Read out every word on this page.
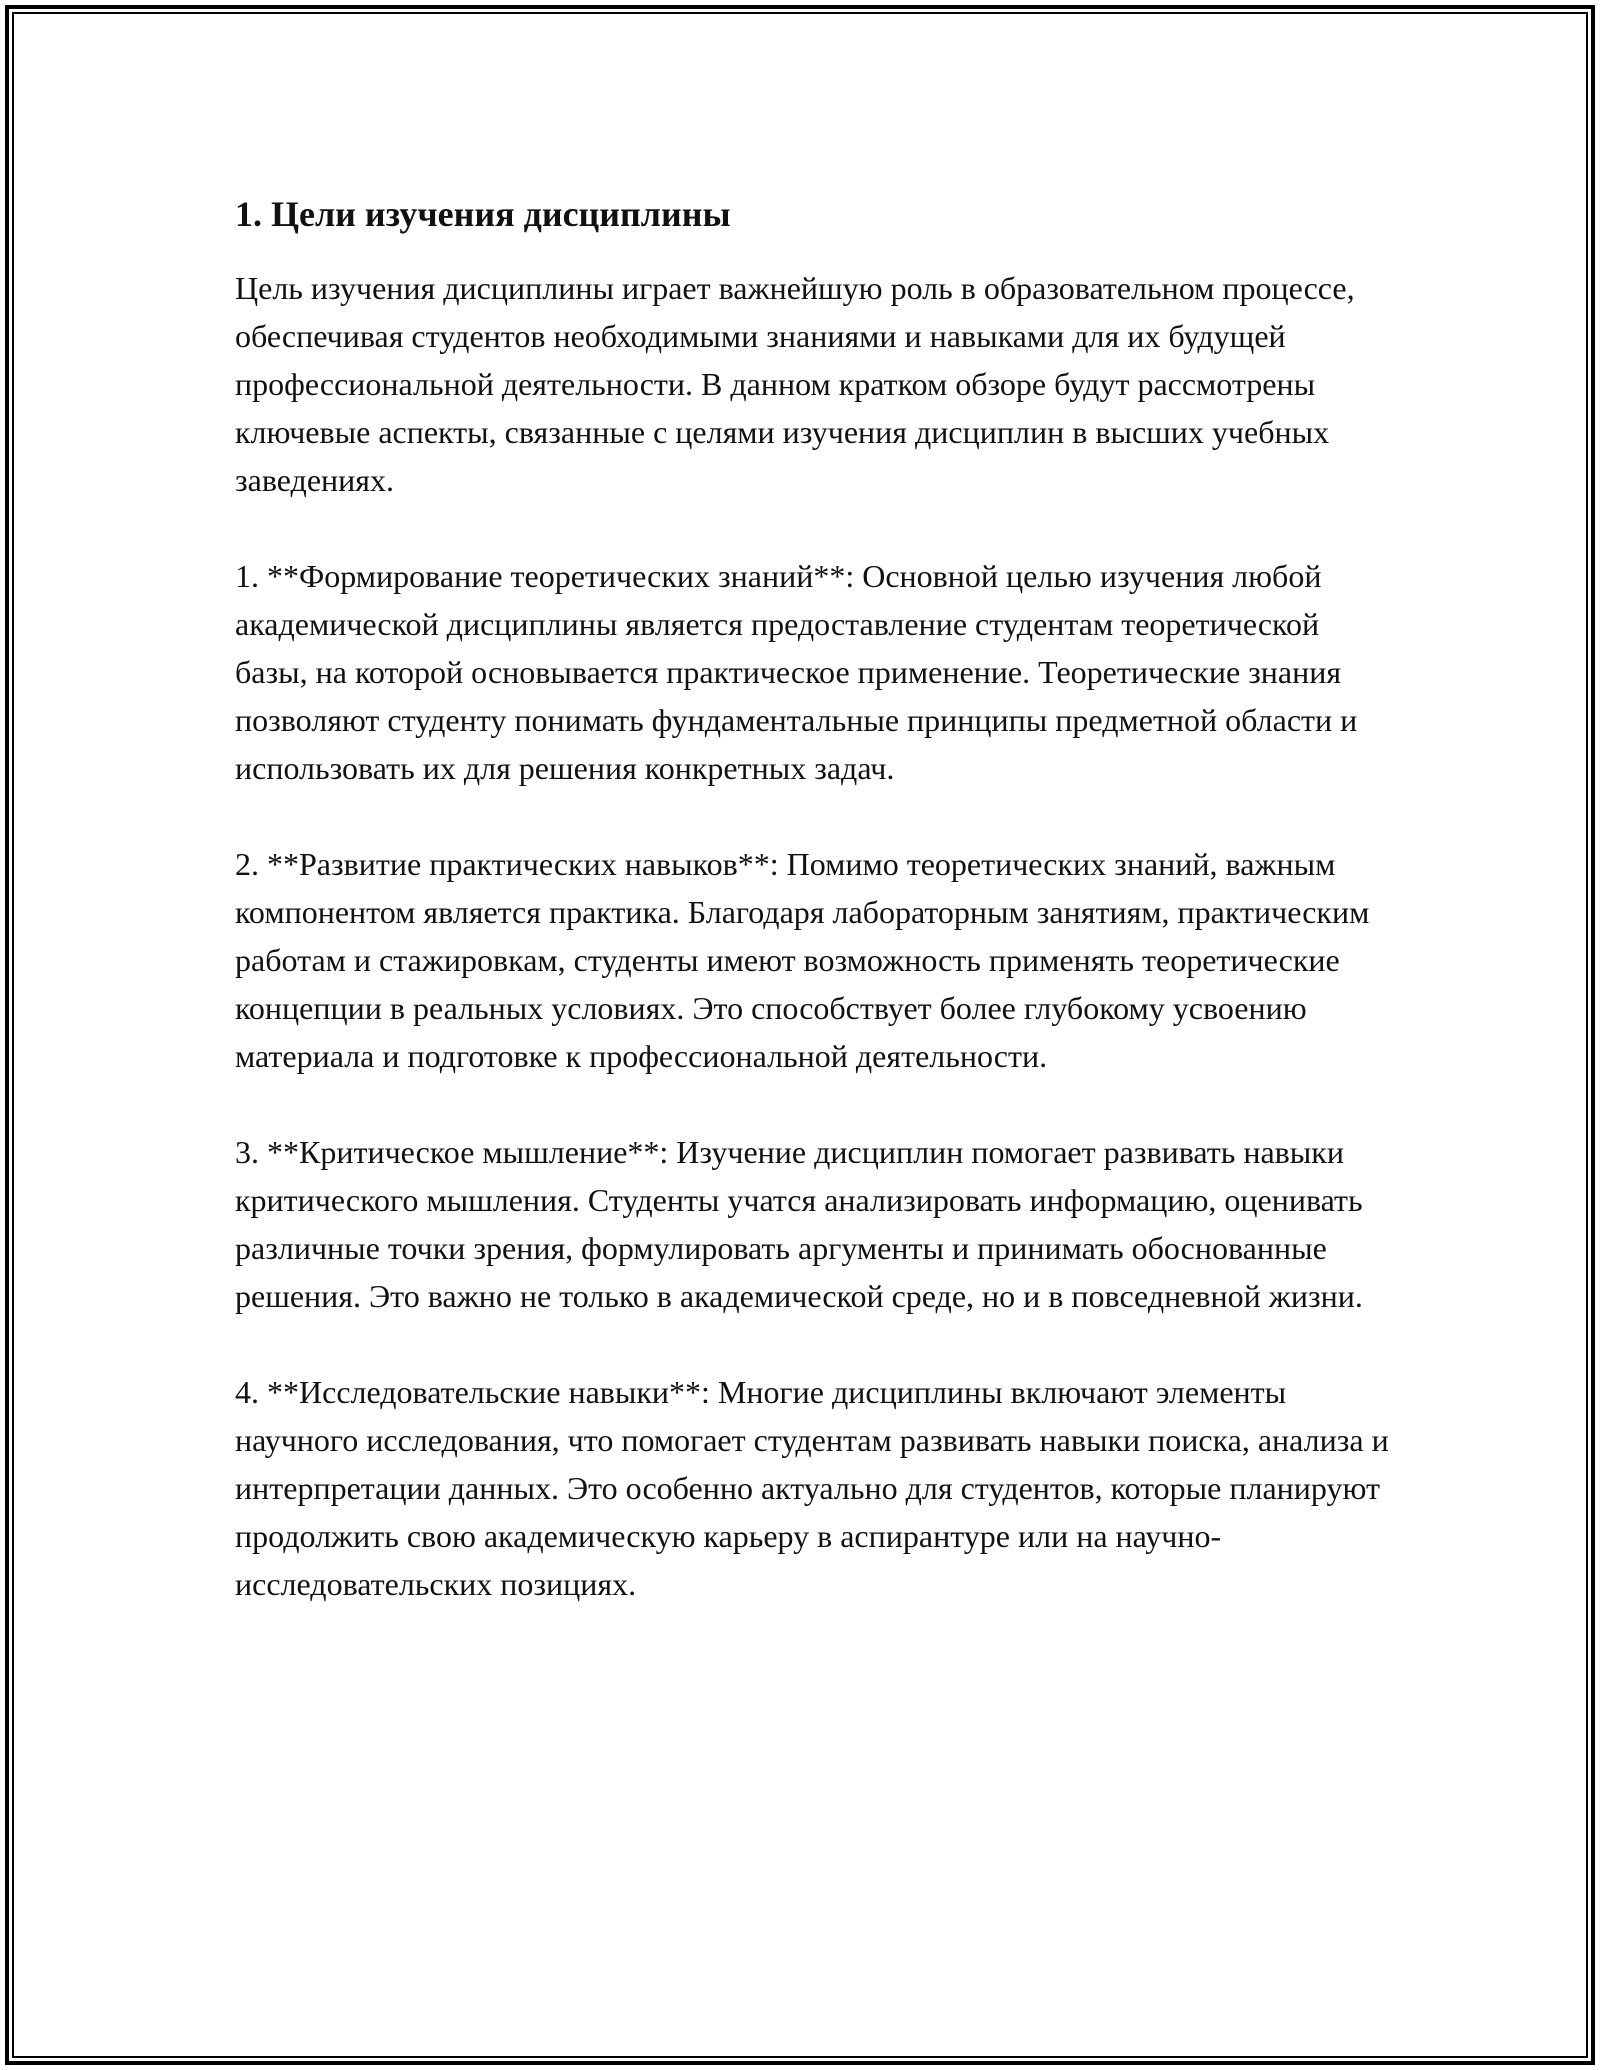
1. Цели изучения дисциплины

Цель изучения дисциплины играет важнейшую роль в образовательном процессе, обеспечивая студентов необходимыми знаниями и навыками для их будущей профессиональной деятельности. В данном кратком обзоре будут рассмотрены ключевые аспекты, связанные с целями изучения дисциплин в высших учебных заведениях.

1. **Формирование теоретических знаний**: Основной целью изучения любой академической дисциплины является предоставление студентам теоретической базы, на которой основывается практическое применение. Теоретические знания позволяют студенту понимать фундаментальные принципы предметной области и использовать их для решения конкретных задач.

2. **Развитие практических навыков**: Помимо теоретических знаний, важным компонентом является практика. Благодаря лабораторным занятиям, практическим работам и стажировкам, студенты имеют возможность применять теоретические концепции в реальных условиях. Это способствует более глубокому усвоению материала и подготовке к профессиональной деятельности.

3. **Критическое мышление**: Изучение дисциплин помогает развивать навыки критического мышления. Студенты учатся анализировать информацию, оценивать различные точки зрения, формулировать аргументы и принимать обоснованные решения. Это важно не только в академической среде, но и в повседневной жизни.

4. **Исследовательские навыки**: Многие дисциплины включают элементы научного исследования, что помогает студентам развивать навыки поиска, анализа и интерпретации данных. Это особенно актуально для студентов, которые планируют продолжить свою академическую карьеру в аспирантуре или на научно-исследовательских позициях.
